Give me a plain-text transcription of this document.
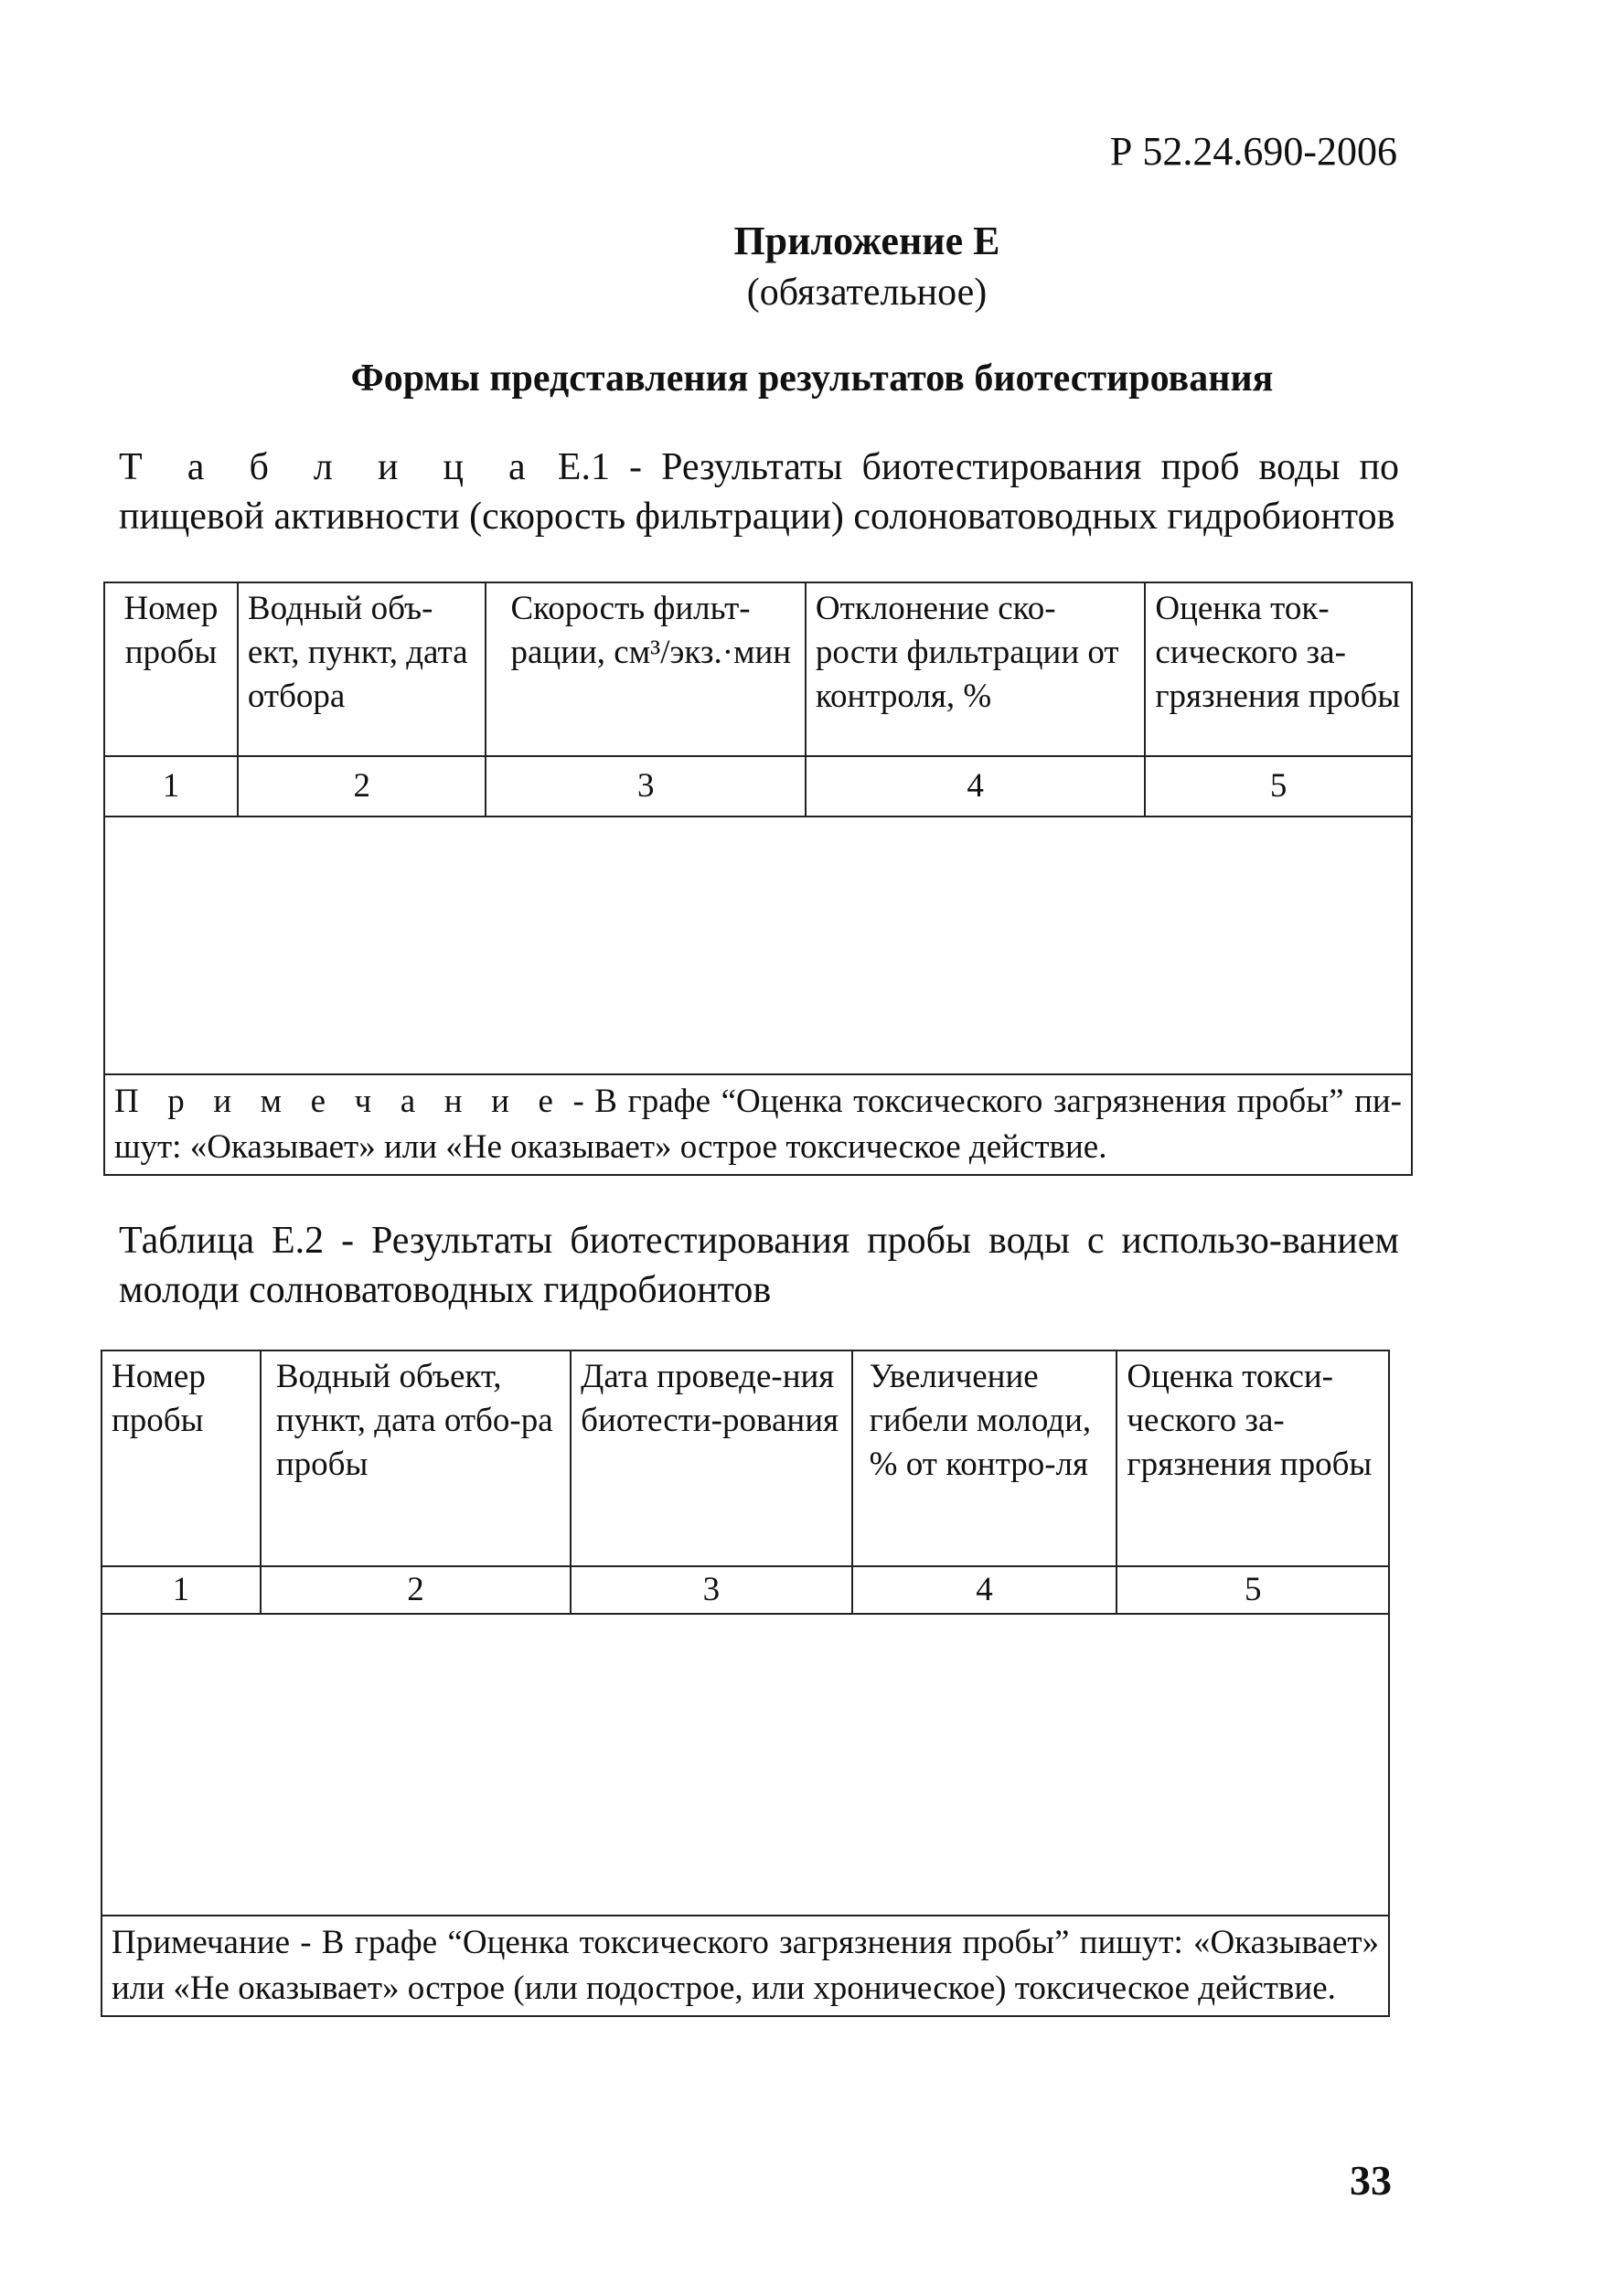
Р 52.24.690-2006
Приложение Е
(обязательное)
Формы представления результатов биотестирования
Т а б л и ц а Е.1 - Результаты биотестирования проб воды по пищевой активности (скорость фильтрации) солоноватоводных гидробионтов
Номер пробы	Водный объ-ект, пункт, дата отбора	Скорость фильт-рации, см³/экз.·мин	Отклонение ско-рости фильтрации от контроля, %	Оценка ток-сического за-грязнения пробы
1	2	3	4	5

П р и м е ч а н и е - В графе “Оценка токсического загрязнения пробы” пи-шут: «Оказывает» или «Не оказывает» острое токсическое действие.				
Таблица Е.2 - Результаты биотестирования пробы воды с использо-ванием молоди солноватоводных гидробионтов
Номер пробы	Водный объект, пункт, дата отбо-ра пробы	Дата проведе-ния биотести-рования	Увеличение гибели молоди, % от контро-ля	Оценка токси-ческого за-грязнения пробы
1	2	3	4	5

Примечание - В графе “Оценка токсического загрязнения пробы” пишут: «Оказывает» или «Не оказывает» острое (или подострое, или хроническое) токсическое действие.				
33
